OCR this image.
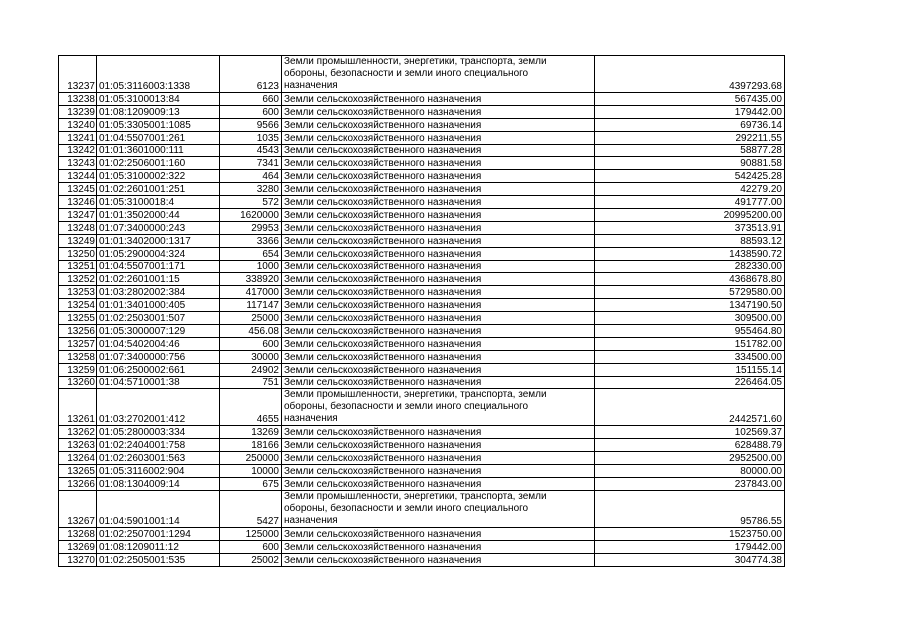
13237	01:05:3116003:1338	6123	Земли промышленности, энергетики, транспорта, земли
обороны, безопасности и земли иного специального
назначения	4397293.68
13238	01:05:3100013:84	660	Земли сельскохозяйственного назначения	567435.00
13239	01:08:1209009:13	600	Земли сельскохозяйственного назначения	179442.00
13240	01:05:3305001:1085	9566	Земли сельскохозяйственного назначения	69736.14
13241	01:04:5507001:261	1035	Земли сельскохозяйственного назначения	292211.55
13242	01:01:3601000:111	4543	Земли сельскохозяйственного назначения	58877.28
13243	01:02:2506001:160	7341	Земли сельскохозяйственного назначения	90881.58
13244	01:05:3100002:322	464	Земли сельскохозяйственного назначения	542425.28
13245	01:02:2601001:251	3280	Земли сельскохозяйственного назначения	42279.20
13246	01:05:3100018:4	572	Земли сельскохозяйственного назначения	491777.00
13247	01:01:3502000:44	1620000	Земли сельскохозяйственного назначения	20995200.00
13248	01:07:3400000:243	29953	Земли сельскохозяйственного назначения	373513.91
13249	01:01:3402000:1317	3366	Земли сельскохозяйственного назначения	88593.12
13250	01:05:2900004:324	654	Земли сельскохозяйственного назначения	1438590.72
13251	01:04:5507001:171	1000	Земли сельскохозяйственного назначения	282330.00
13252	01:02:2601001:15	338920	Земли сельскохозяйственного назначения	4368678.80
13253	01:03:2802002:384	417000	Земли сельскохозяйственного назначения	5729580.00
13254	01:01:3401000:405	117147	Земли сельскохозяйственного назначения	1347190.50
13255	01:02:2503001:507	25000	Земли сельскохозяйственного назначения	309500.00
13256	01:05:3000007:129	456.08	Земли сельскохозяйственного назначения	955464.80
13257	01:04:5402004:46	600	Земли сельскохозяйственного назначения	151782.00
13258	01:07:3400000:756	30000	Земли сельскохозяйственного назначения	334500.00
13259	01:06:2500002:661	24902	Земли сельскохозяйственного назначения	151155.14
13260	01:04:5710001:38	751	Земли сельскохозяйственного назначения	226464.05
13261	01:03:2702001:412	4655	Земли промышленности, энергетики, транспорта, земли
обороны, безопасности и земли иного специального
назначения	2442571.60
13262	01:05:2800003:334	13269	Земли сельскохозяйственного назначения	102569.37
13263	01:02:2404001:758	18166	Земли сельскохозяйственного назначения	628488.79
13264	01:02:2603001:563	250000	Земли сельскохозяйственного назначения	2952500.00
13265	01:05:3116002:904	10000	Земли сельскохозяйственного назначения	80000.00
13266	01:08:1304009:14	675	Земли сельскохозяйственного назначения	237843.00
13267	01:04:5901001:14	5427	Земли промышленности, энергетики, транспорта, земли
обороны, безопасности и земли иного специального
назначения	95786.55
13268	01:02:2507001:1294	125000	Земли сельскохозяйственного назначения	1523750.00
13269	01:08:1209011:12	600	Земли сельскохозяйственного назначения	179442.00
13270	01:02:2505001:535	25002	Земли сельскохозяйственного назначения	304774.38
